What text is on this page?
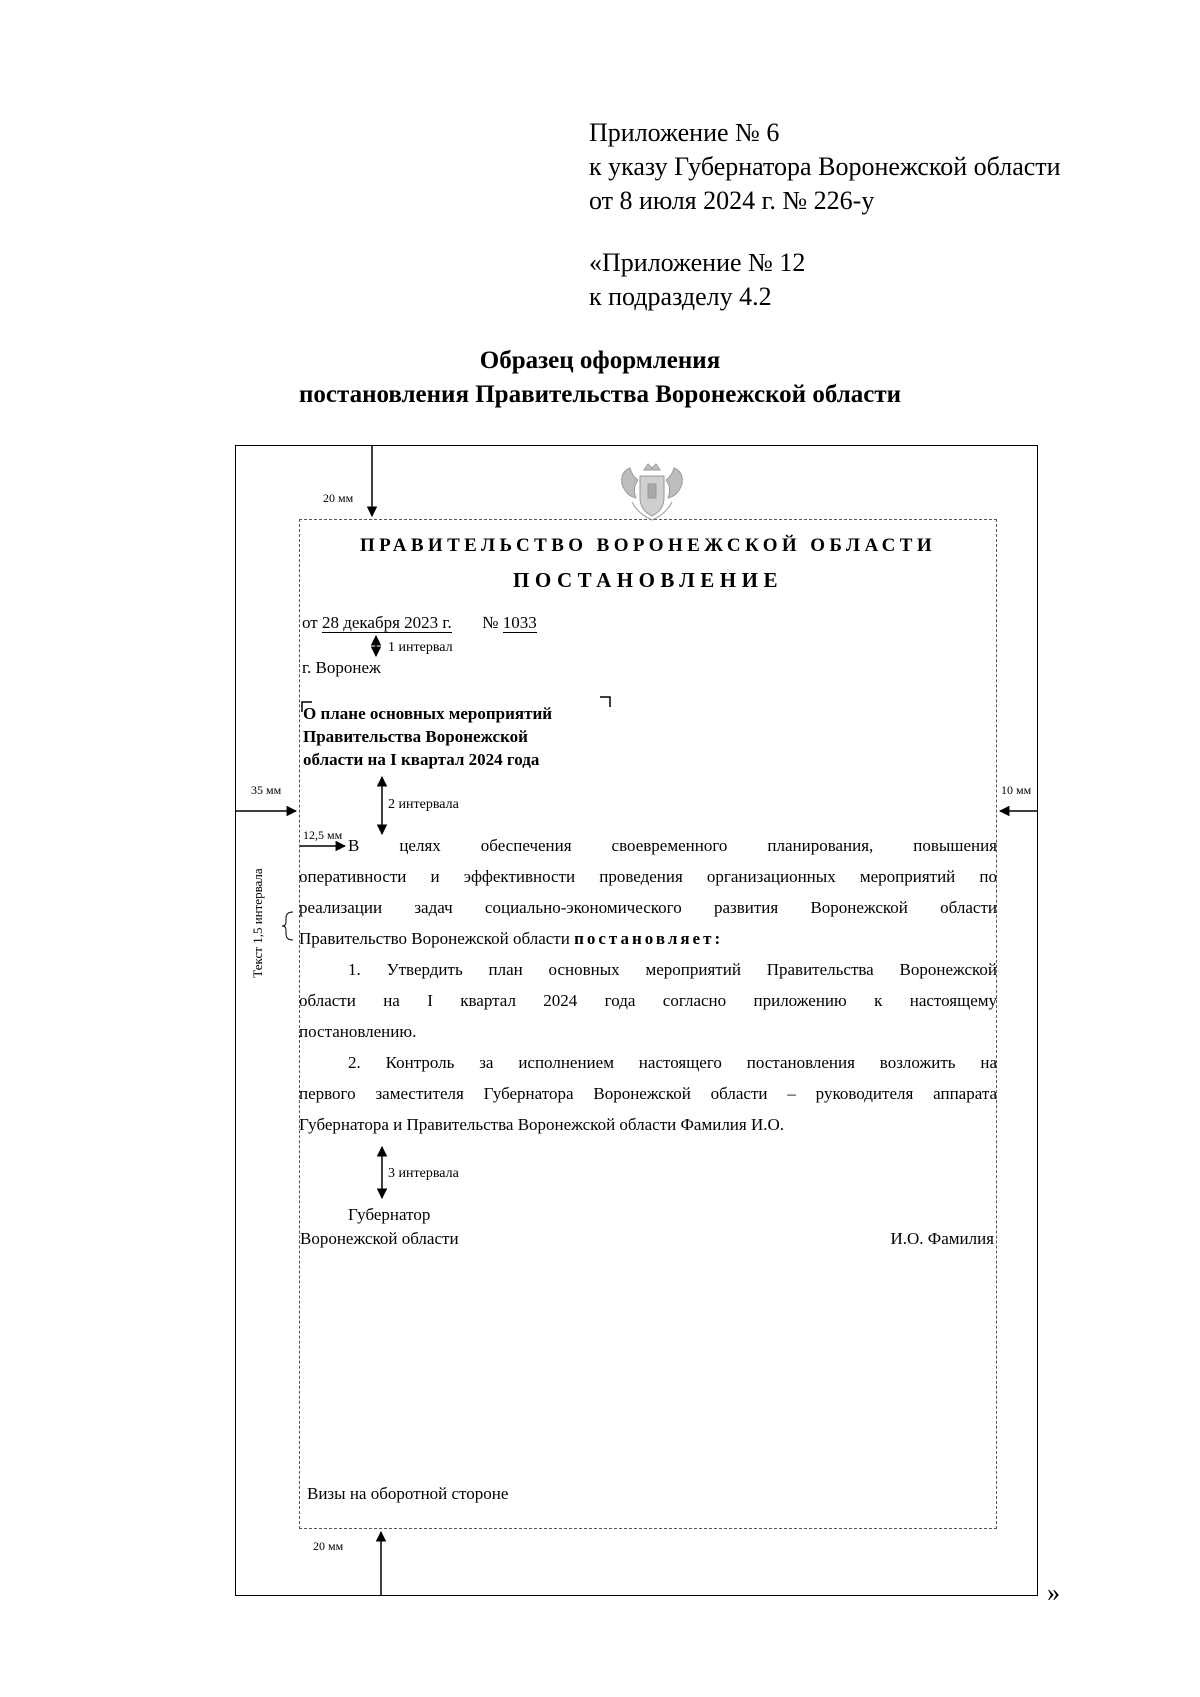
Приложение № 6
к указу Губернатора Воронежской области
от 8 июля 2024 г. № 226-у
«Приложение № 12
к подразделу 4.2
Образец оформления
постановления Правительства Воронежской области
20 мм
35 мм	10 мм
20 мм
12,5 мм
1 интервал
2 интервала
3 интервала
Текст 1,5 интервала
ПРАВИТЕЛЬСТВО ВОРОНЕЖСКОЙ ОБЛАСТИ
ПОСТАНОВЛЕНИЕ
от 28 декабря 2023 г. № 1033
г. Воронеж
О плане основных мероприятий
Правительства Воронежской
области на I квартал 2024 года
В целях обеспечения своевременного планирования, повышения
оперативности и эффективности проведения организационных мероприятий по
реализации задач социально-экономического развития Воронежской области
Правительство Воронежской области постановляет:
1. Утвердить план основных мероприятий Правительства Воронежской
области на I квартал 2024 года согласно приложению к настоящему
постановлению.
2. Контроль за исполнением настоящего постановления возложить на
первого заместителя Губернатора Воронежской области – руководителя аппарата
Губернатора и Правительства Воронежской области Фамилия И.О.
Губернатор
Воронежской области	И.О. Фамилия
Визы на оборотной стороне
»
